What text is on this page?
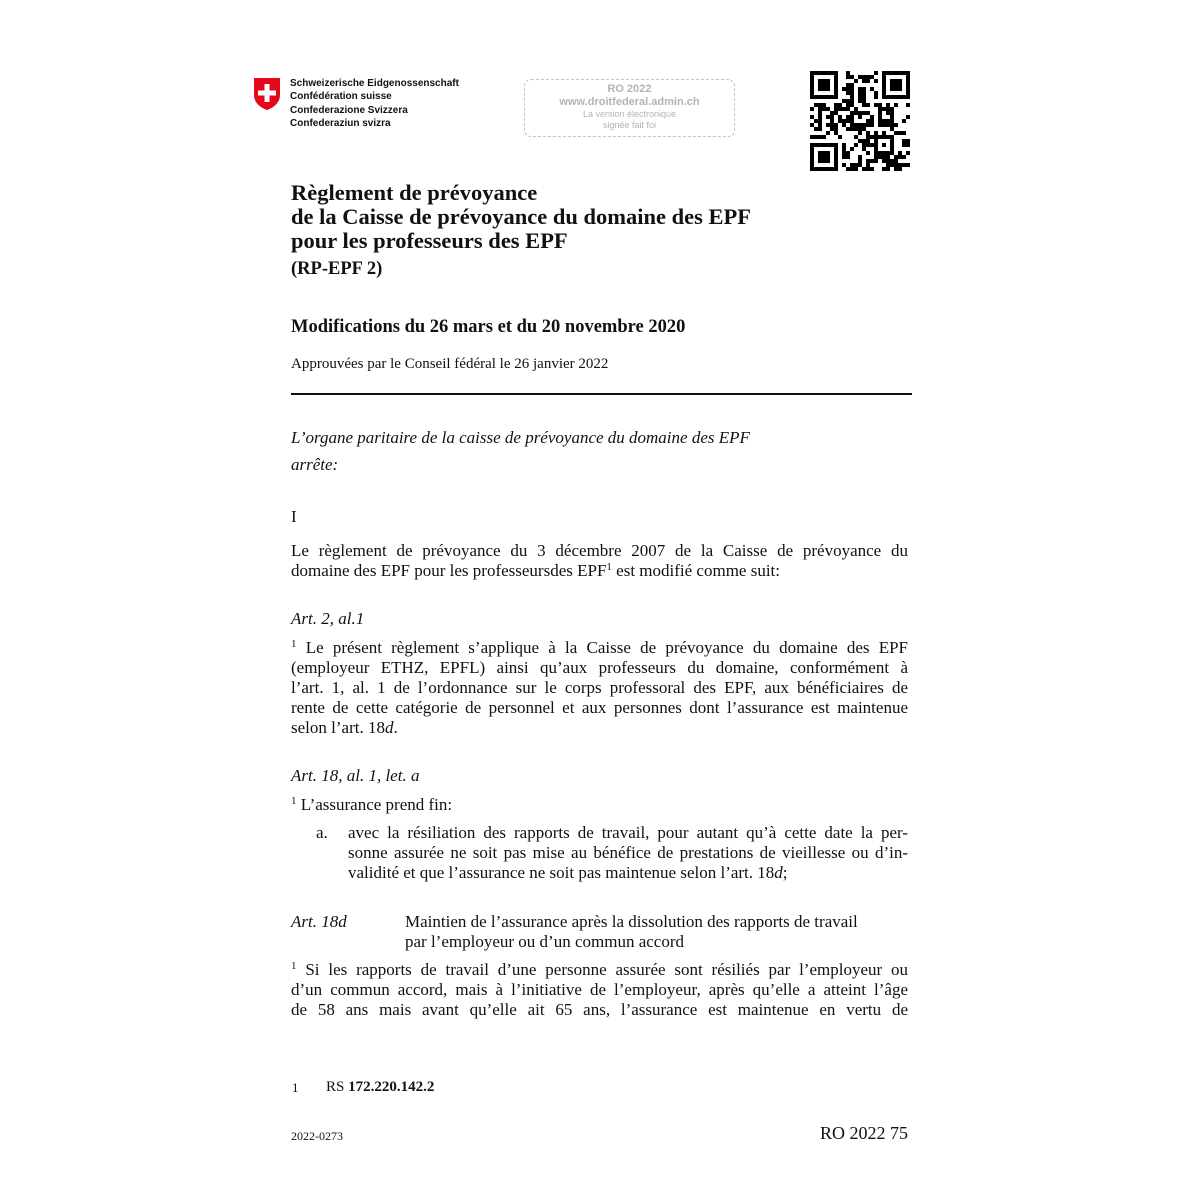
Schweizerische Eidgenossenschaft
Confédération suisse
Confederazione Svizzera
Confederaziun svizra
RO 2022
www.droitfederal.admin.ch
La version électronique
signée fait foi
Règlement de prévoyance
de la Caisse de prévoyance du domaine des EPF
pour les professeurs des EPF
(RP-EPF 2)
Modifications du 26 mars et du 20 novembre 2020
Approuvées par le Conseil fédéral le 26 janvier 2022
L’organe paritaire de la caisse de prévoyance du domaine des EPF
arrête:
I
Le règlement de prévoyance du 3 décembre 2007 de la Caisse de prévoyance du
domaine des EPF pour les professeursdes EPF$^1$ est modifié comme suit:
Art. 2, al.1
$^1$ Le présent règlement s’applique à la Caisse de prévoyance du domaine des EPF
(employeur ETHZ, EPFL) ainsi qu’aux professeurs du domaine, conformément à
l’art. 1, al. 1 de l’ordonnance sur le corps professoral des EPF, aux bénéficiaires de
rente de cette catégorie de personnel et aux personnes dont l’assurance est maintenue
selon l’art. 18d.
Art. 18, al. 1, let. a
$^1$ L’assurance prend fin:
a. avec la résiliation des rapports de travail, pour autant qu’à cette date la per-
sonne assurée ne soit pas mise au bénéfice de prestations de vieillesse ou d’in-
validité et que l’assurance ne soit pas maintenue selon l’art. 18d;
Art. 18d	Maintien de l’assurance après la dissolution des rapports de travail
par l’employeur ou d’un commun accord
$^1$ Si les rapports de travail d’une personne assurée sont résiliés par l’employeur ou
d’un commun accord, mais à l’initiative de l’employeur, après qu’elle a atteint l’âge
de 58 ans mais avant qu’elle ait 65 ans, l’assurance est maintenue en vertu de
1 RS 172.220.142.2
2022-0273	RO 2022 75
